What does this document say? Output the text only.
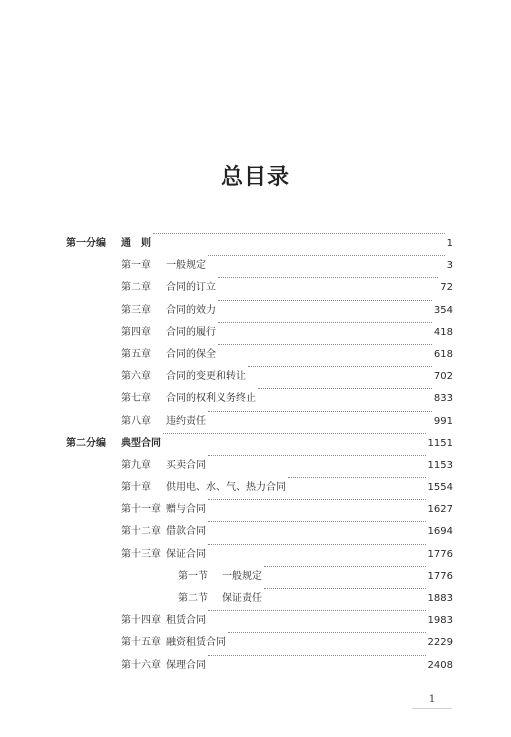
总目录
第一分编 通　则	1
第一章 一般规定	3
第二章 合同的订立	72
第三章 合同的效力	354
第四章 合同的履行	418
第五章 合同的保全	618
第六章 合同的变更和转让	702
第七章 合同的权利义务终止	833
第八章 违约责任	991
第二分编 典型合同	1151
第九章 买卖合同	1153
第十章 供用电、水、气、热力合同	1554
第十一章 赠与合同	1627
第十二章 借款合同	1694
第十三章 保证合同	1776
第一节 一般规定	1776
第二节 保证责任	1883
第十四章 租赁合同	1983
第十五章 融资租赁合同	2229
第十六章 保理合同	2408
1
